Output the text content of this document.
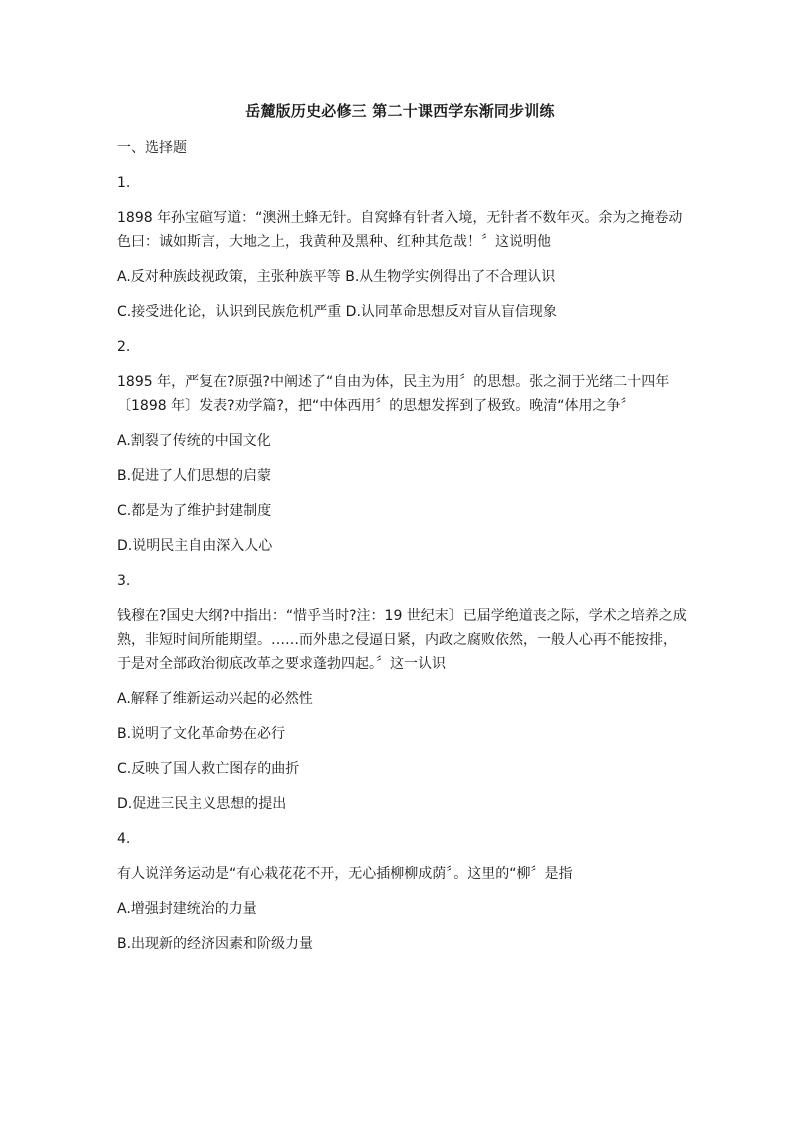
岳麓版历史必修三 第二十课西学东渐同步训练

一、选择题

1.

1898 年孙宝碹写道：“澳洲土蜂无针。自窝蜂有针者入境，无针者不数年灭。余为之掩卷动色曰：诚如斯言，大地之上，我黄种及黑种、红种其危哉！〞这说明他

A.反对种族歧视政策，主张种族平等 B.从生物学实例得出了不合理认识

C.接受进化论，认识到民族危机严重 D.认同革命思想反对盲从盲信现象

2.

1895 年，严复在?原强?中阐述了“自由为体，民主为用〞的思想。张之洞于光绪二十四年〔1898 年〕发表?劝学篇?，把“中体西用〞的思想发挥到了极致。晚清“体用之争〞

A.割裂了传统的中国文化

B.促进了人们思想的启蒙

C.都是为了维护封建制度

D.说明民主自由深入人心

3.

钱穆在?国史大纲?中指出：“惜乎当时?注：19 世纪末〕已届学绝道丧之际，学术之培养之成熟，非短时间所能期望。……而外患之侵逼日紧，内政之腐败依然，一般人心再不能按排，于是对全部政治彻底改革之要求蓬勃四起。〞这一认识

A.解释了维新运动兴起的必然性

B.说明了文化革命势在必行

C.反映了国人救亡图存的曲折

D.促进三民主义思想的提出

4.

有人说洋务运动是“有心栽花花不开，无心插柳柳成荫〞。这里的“柳〞是指

A.增强封建统治的力量

B.出现新的经济因素和阶级力量
